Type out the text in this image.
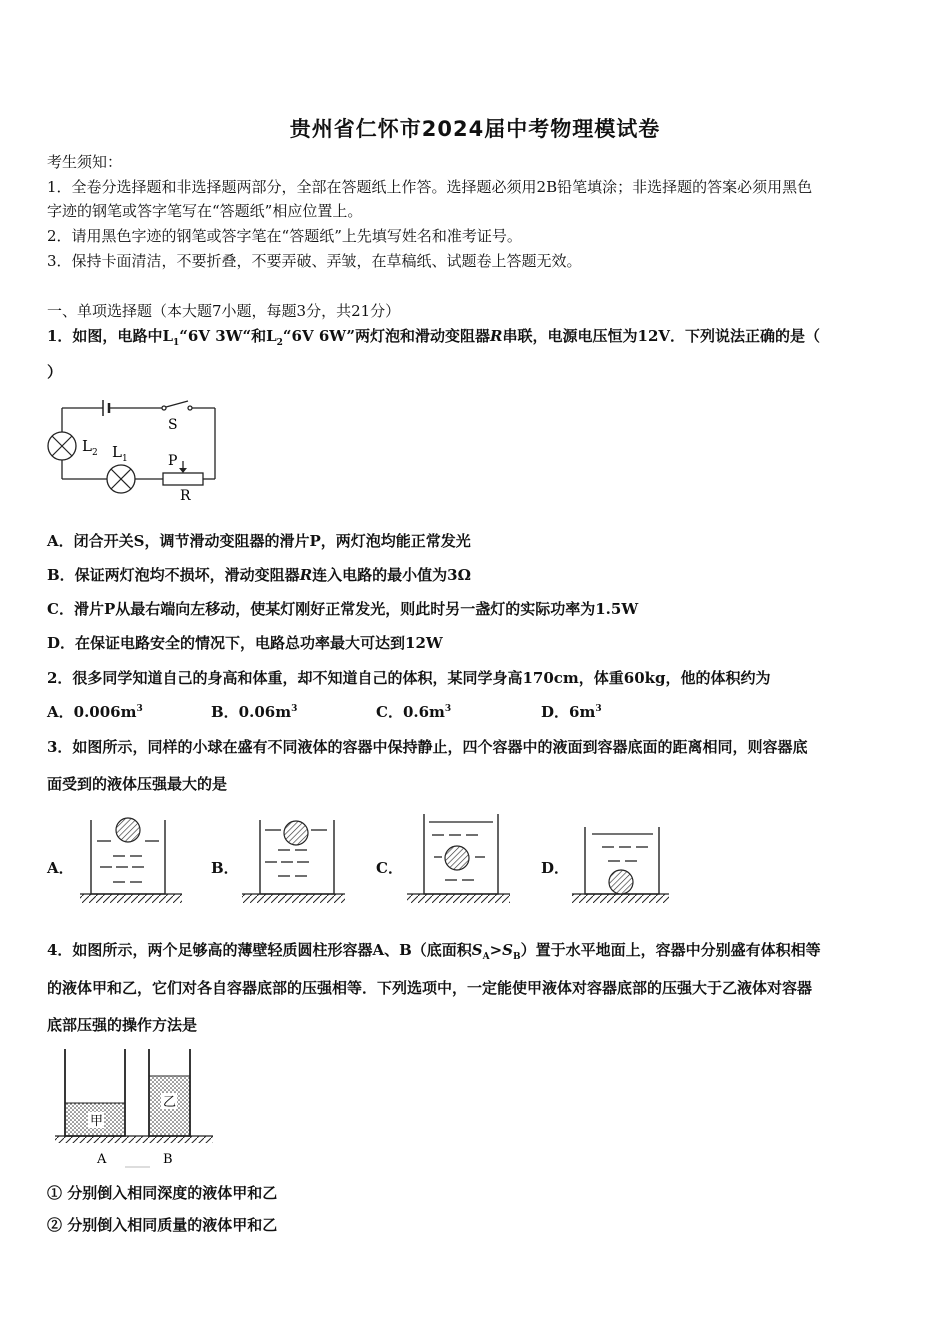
贵州省仁怀市2024届中考物理模试卷
考生须知：
1．全卷分选择题和非选择题两部分，全部在答题纸上作答。选择题必须用2B铅笔填涂；非选择题的答案必须用黑色
字迹的钢笔或答字笔写在“答题纸”相应位置上。
2．请用黑色字迹的钢笔或答字笔在“答题纸”上先填写姓名和准考证号。
3．保持卡面清洁，不要折叠，不要弄破、弄皱，在草稿纸、试题卷上答题无效。
一、单项选择题（本大题7小题，每题3分，共21分）
1．如图，电路中$L_1“6V$ 3W“和$L_2“6V$ 6W”两灯泡和滑动变阻器R串联，电源电压恒为12V．下列说法正确的是（
）
S
L 2 L 1	P
R
A．闭合开关S，调节滑动变阻器的滑片P，两灯泡均能正常发光
B．保证两灯泡均不损坏，滑动变阻器R连入电路的最小值为3Ω
C．滑片P从最右端向左移动，使某灯刚好正常发光，则此时另一盏灯的实际功率为1.5W
D．在保证电路安全的情况下，电路总功率最大可达到12W
2．很多同学知道自己的身高和体重，却不知道自己的体积，某同学身高170cm，体重60kg，他的体积约为
A．$0.006m^3$	B．$0.06m^3$	C．$0.6m^3$	D．$6m^3$
3．如图所示，同样的小球在盛有不同液体的容器中保持静止，四个容器中的液面到容器底面的距离相同，则容器底
面受到的液体压强最大的是
A．	B．	C．	D．
4．如图所示，两个足够高的薄壁轻质圆柱形容器A、B（底面积$S_A>S_B$）置于水平地面上，容器中分别盛有体积相等
的液体甲和乙，它们对各自容器底部的压强相等．下列选项中，一定能使甲液体对容器底部的压强大于乙液体对容器
底部压强的操作方法是
甲
乙
A	B
① 分别倒入相同深度的液体甲和乙
② 分别倒入相同质量的液体甲和乙
